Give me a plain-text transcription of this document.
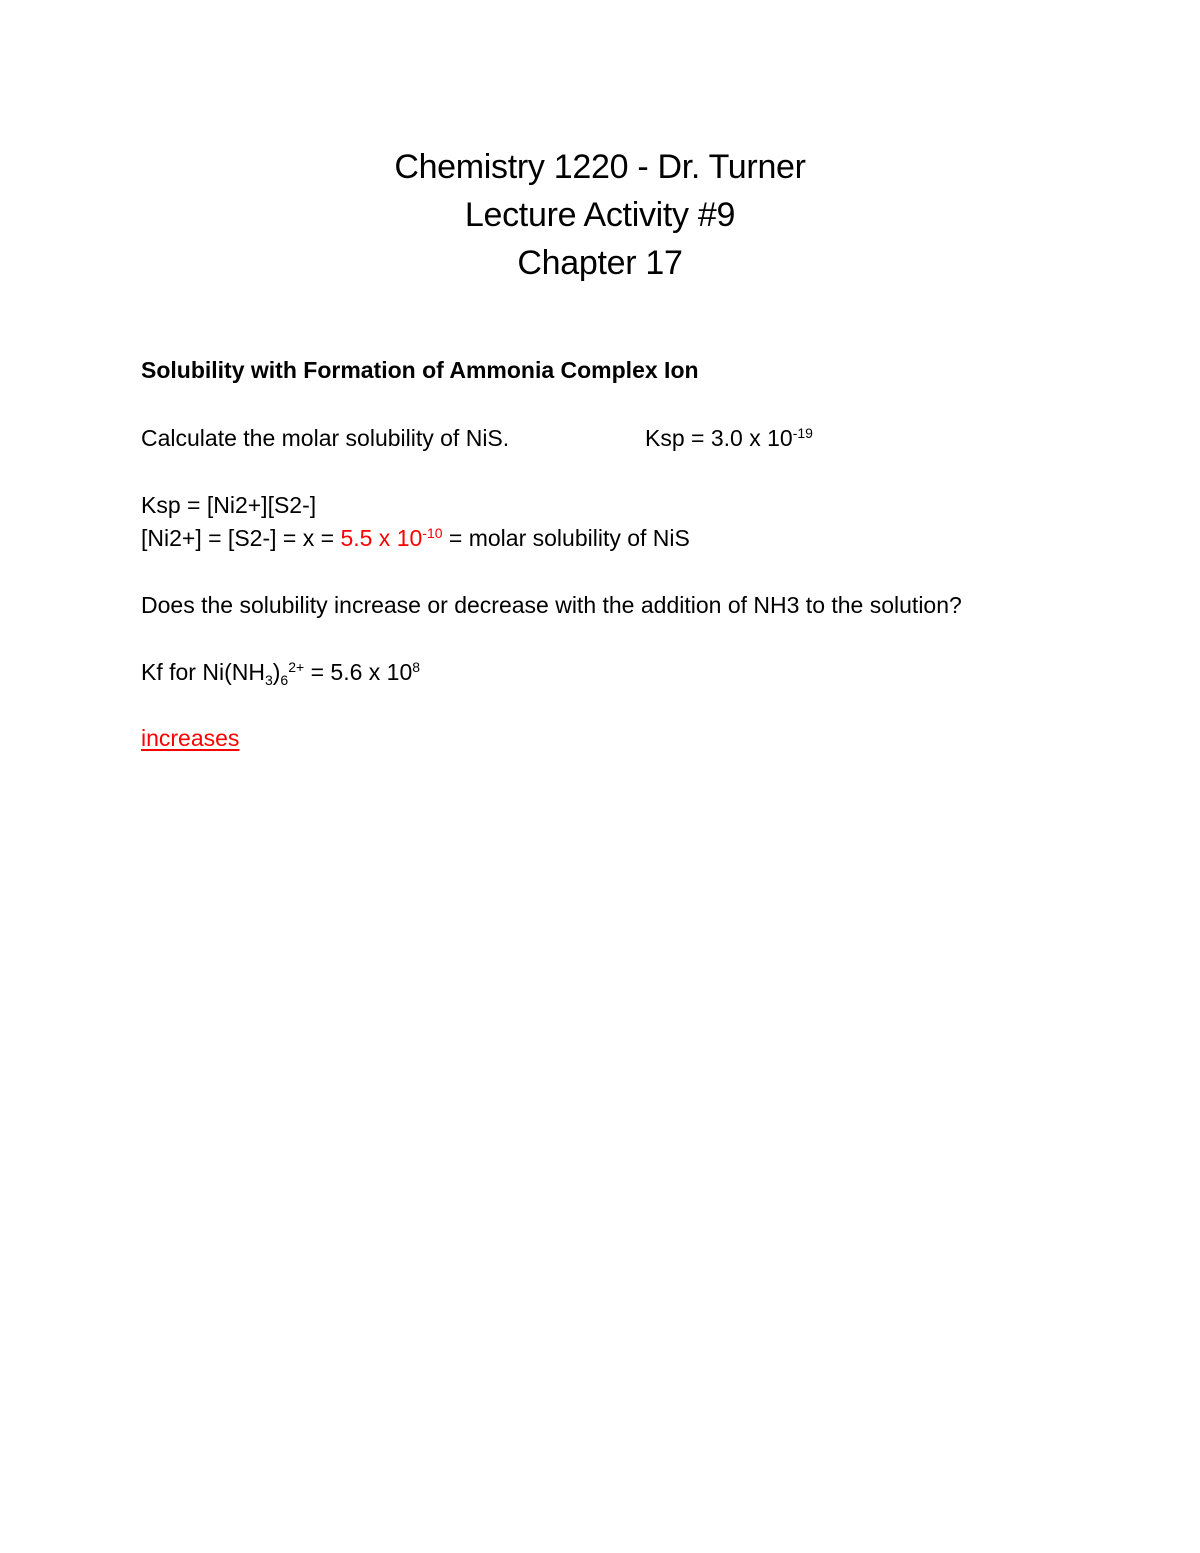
Chemistry 1220 - Dr. Turner
Lecture Activity #9
Chapter 17
Solubility with Formation of Ammonia Complex Ion
Calculate the molar solubility of NiS.	Ksp = 3.0 x $10^{-19}$
Ksp = [Ni2+][S2-]
[Ni2+] = [S2-] = x = 5.5 x $10^{-10}$ = molar solubility of NiS
Does the solubility increase or decrease with the addition of NH3 to the solution?
Kf for $Ni(NH_3)_6^{2+} = 5.6$ x $10^8$
increases
